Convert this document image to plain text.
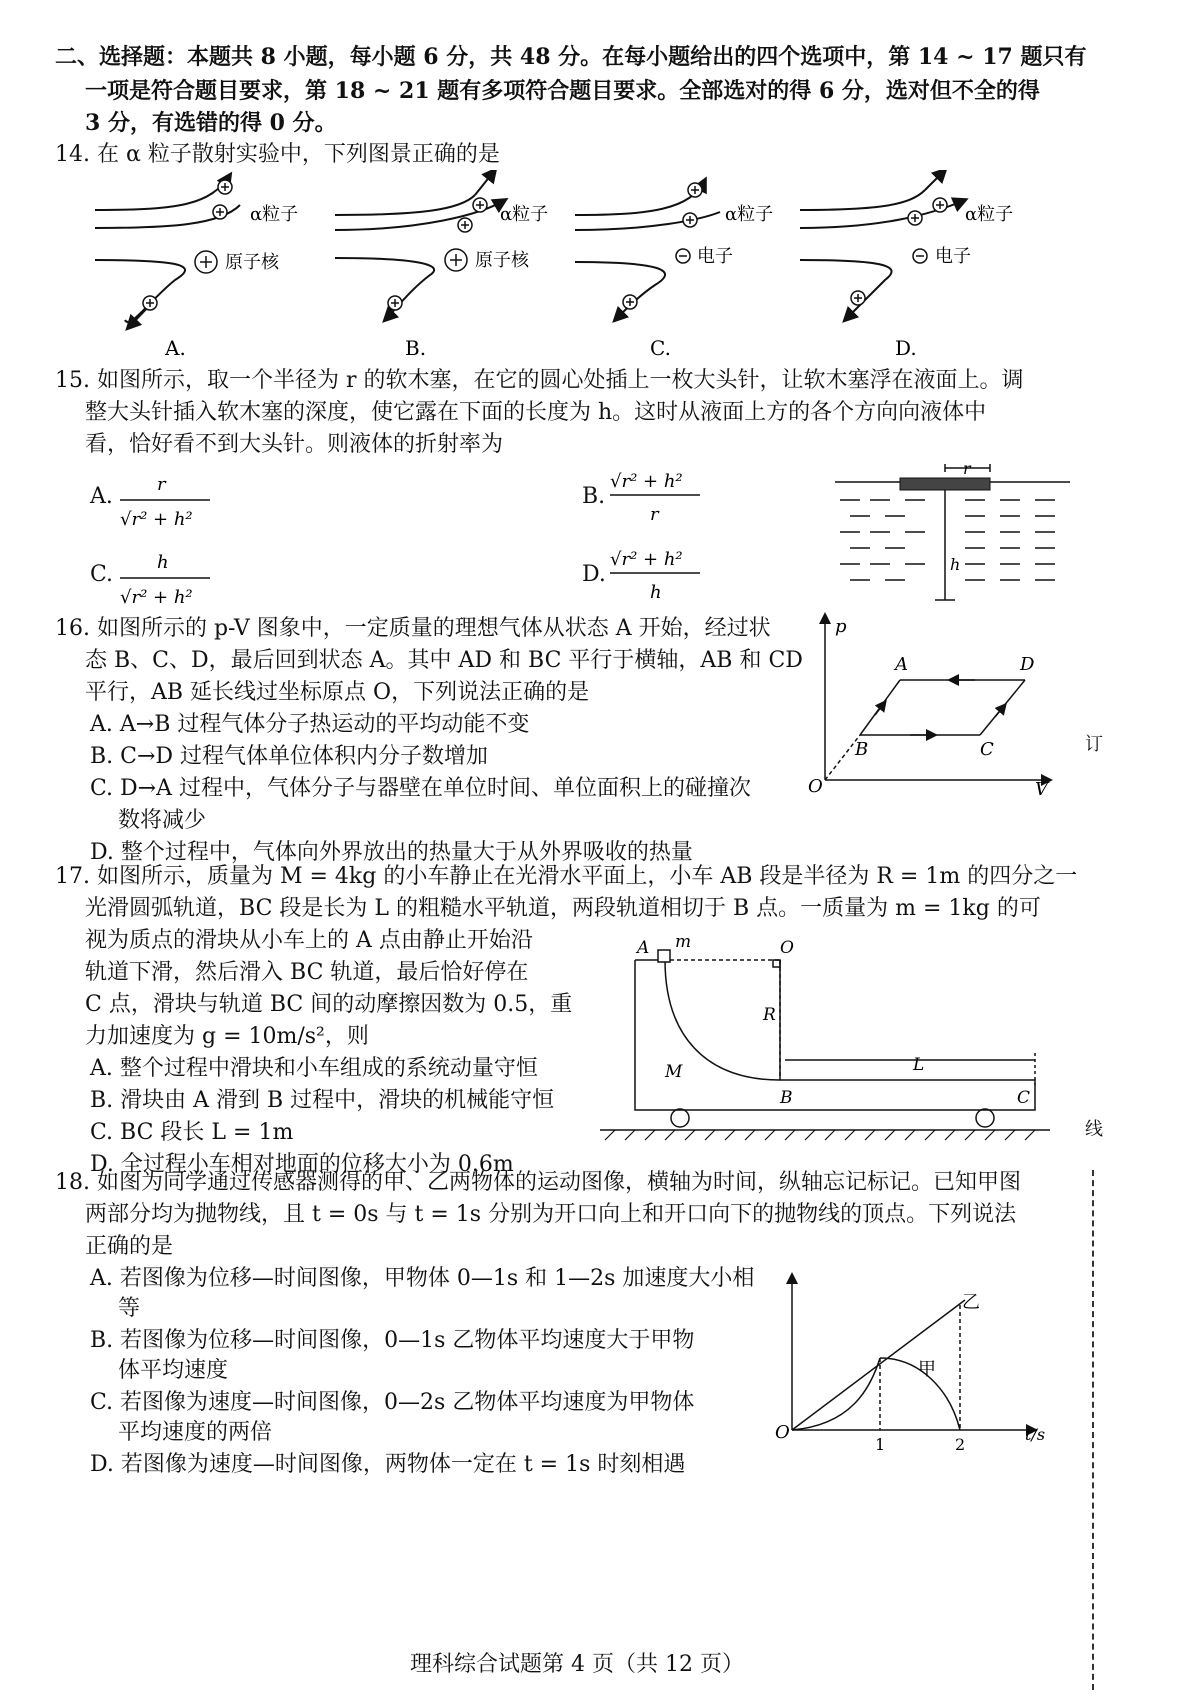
二、选择题：本题共 8 小题，每小题 6 分，共 48 分。在每小题给出的四个选项中，第 14 ~ 17 题只有
一项是符合题目要求，第 18 ~ 21 题有多项符合题目要求。全部选对的得 6 分，选对但不全的得
3 分，有选错的得 0 分。
14. 在 α 粒子散射实验中，下列图景正确的是
α粒子
原子核
α粒子
原子核
α粒子
电子
α粒子
电子
A.	B.	C.	D.
15. 如图所示，取一个半径为 r 的软木塞，在它的圆心处插上一枚大头针，让软木塞浮在液面上。调
整大头针插入软木塞的深度，使它露在下面的长度为 h。这时从液面上方的各个方向向液体中
看，恰好看不到大头针。则液体的折射率为
A. r
√r² + h²
B.
√r² + h²
r
C. h
√r² + h²
D.
√r² + h²
h
r
h
16. 如图所示的 p-V 图象中，一定质量的理想气体从状态 A 开始，经过状
态 B、C、D，最后回到状态 A。其中 AD 和 BC 平行于横轴，AB 和 CD
平行，AB 延长线过坐标原点 O，下列说法正确的是
A. A→B 过程气体分子热运动的平均动能不变
B. C→D 过程气体单位体积内分子数增加
C. D→A 过程中，气体分子与器壁在单位时间、单位面积上的碰撞次
数将减少
D. 整个过程中，气体向外界放出的热量大于从外界吸收的热量
p
V
O
A	D
B	C
17. 如图所示，质量为 M = 4kg 的小车静止在光滑水平面上，小车 AB 段是半径为 R = 1m 的四分之一
光滑圆弧轨道，BC 段是长为 L 的粗糙水平轨道，两段轨道相切于 B 点。一质量为 m = 1kg 的可
视为质点的滑块从小车上的 A 点由静止开始沿
轨道下滑，然后滑入 BC 轨道，最后恰好停在
C 点，滑块与轨道 BC 间的动摩擦因数为 0.5，重
力加速度为 g = 10m/s²，则
A. 整个过程中滑块和小车组成的系统动量守恒
B. 滑块由 A 滑到 B 过程中，滑块的机械能守恒
C. BC 段长 L = 1m
D. 全过程小车相对地面的位移大小为 0.6m
A m	O
R
M	L
B	C
18. 如图为同学通过传感器测得的甲、乙两物体的运动图像，横轴为时间，纵轴忘记标记。已知甲图
两部分均为抛物线，且 t = 0s 与 t = 1s 分别为开口向上和开口向下的抛物线的顶点。下列说法
正确的是
A. 若图像为位移—时间图像，甲物体 0—1s 和 1—2s 加速度大小相
等
B. 若图像为位移—时间图像，0—1s 乙物体平均速度大于甲物
体平均速度
C. 若图像为速度—时间图像，0—2s 乙物体平均速度为甲物体
平均速度的两倍
D. 若图像为速度—时间图像，两物体一定在 t = 1s 时刻相遇
O
乙
甲
1	2
t/s
订
线
理科综合试题第 4 页（共 12 页）
